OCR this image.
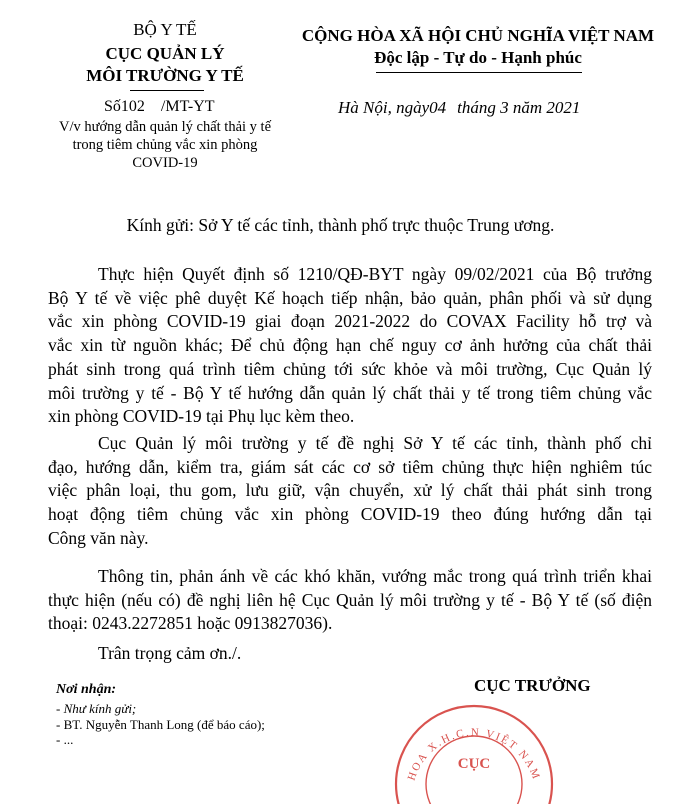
BỘ Y TẾ
CỤC QUẢN LÝ
MÔI TRƯỜNG Y TẾ
Số102    /MT-YT
V/v hướng dẫn quản lý chất thải y tế
trong tiêm chủng vắc xin phòng
COVID-19
CỘNG HÒA XÃ HỘI CHỦ NGHĨA VIỆT NAM
Độc lập - Tự do - Hạnh phúc
Hà Nội, ngày04 tháng 3 năm 2021
Kính gửi: Sở Y tế các tỉnh, thành phố trực thuộc Trung ương.
Thực hiện Quyết định số 1210/QĐ-BYT ngày 09/02/2021 của Bộ trưởng
Bộ Y tế về việc phê duyệt Kế hoạch tiếp nhận, bảo quản, phân phối và sử dụng
vắc xin phòng COVID-19 giai đoạn 2021-2022 do COVAX Facility hỗ trợ và
vắc xin từ nguồn khác; Để chủ động hạn chế nguy cơ ảnh hưởng của chất thải
phát sinh trong quá trình tiêm chủng tới sức khỏe và môi trường, Cục Quản lý
môi trường y tế - Bộ Y tế hướng dẫn quản lý chất thải y tế trong tiêm chủng vắc
xin phòng COVID-19 tại Phụ lục kèm theo.
Cục Quản lý môi trường y tế đề nghị Sở Y tế các tỉnh, thành phố chỉ
đạo, hướng dẫn, kiểm tra, giám sát các cơ sở tiêm chủng thực hiện nghiêm túc
việc phân loại, thu gom, lưu giữ, vận chuyển, xử lý chất thải phát sinh trong
hoạt động tiêm chủng vắc xin phòng COVID-19 theo đúng hướng dẫn tại
Công văn này.
Thông tin, phản ánh về các khó khăn, vướng mắc trong quá trình triển khai
thực hiện (nếu có) đề nghị liên hệ Cục Quản lý môi trường y tế - Bộ Y tế (số điện
thoại: 0243.2272851 hoặc 0913827036).
Trân trọng cảm ơn./.
HOA X.H.C.N VIỆT NAM
CỤC
Nơi nhận:
- Như kính gửi;
- BT. Nguyễn Thanh Long (để báo cáo);
- ...
CỤC TRƯỞNG
